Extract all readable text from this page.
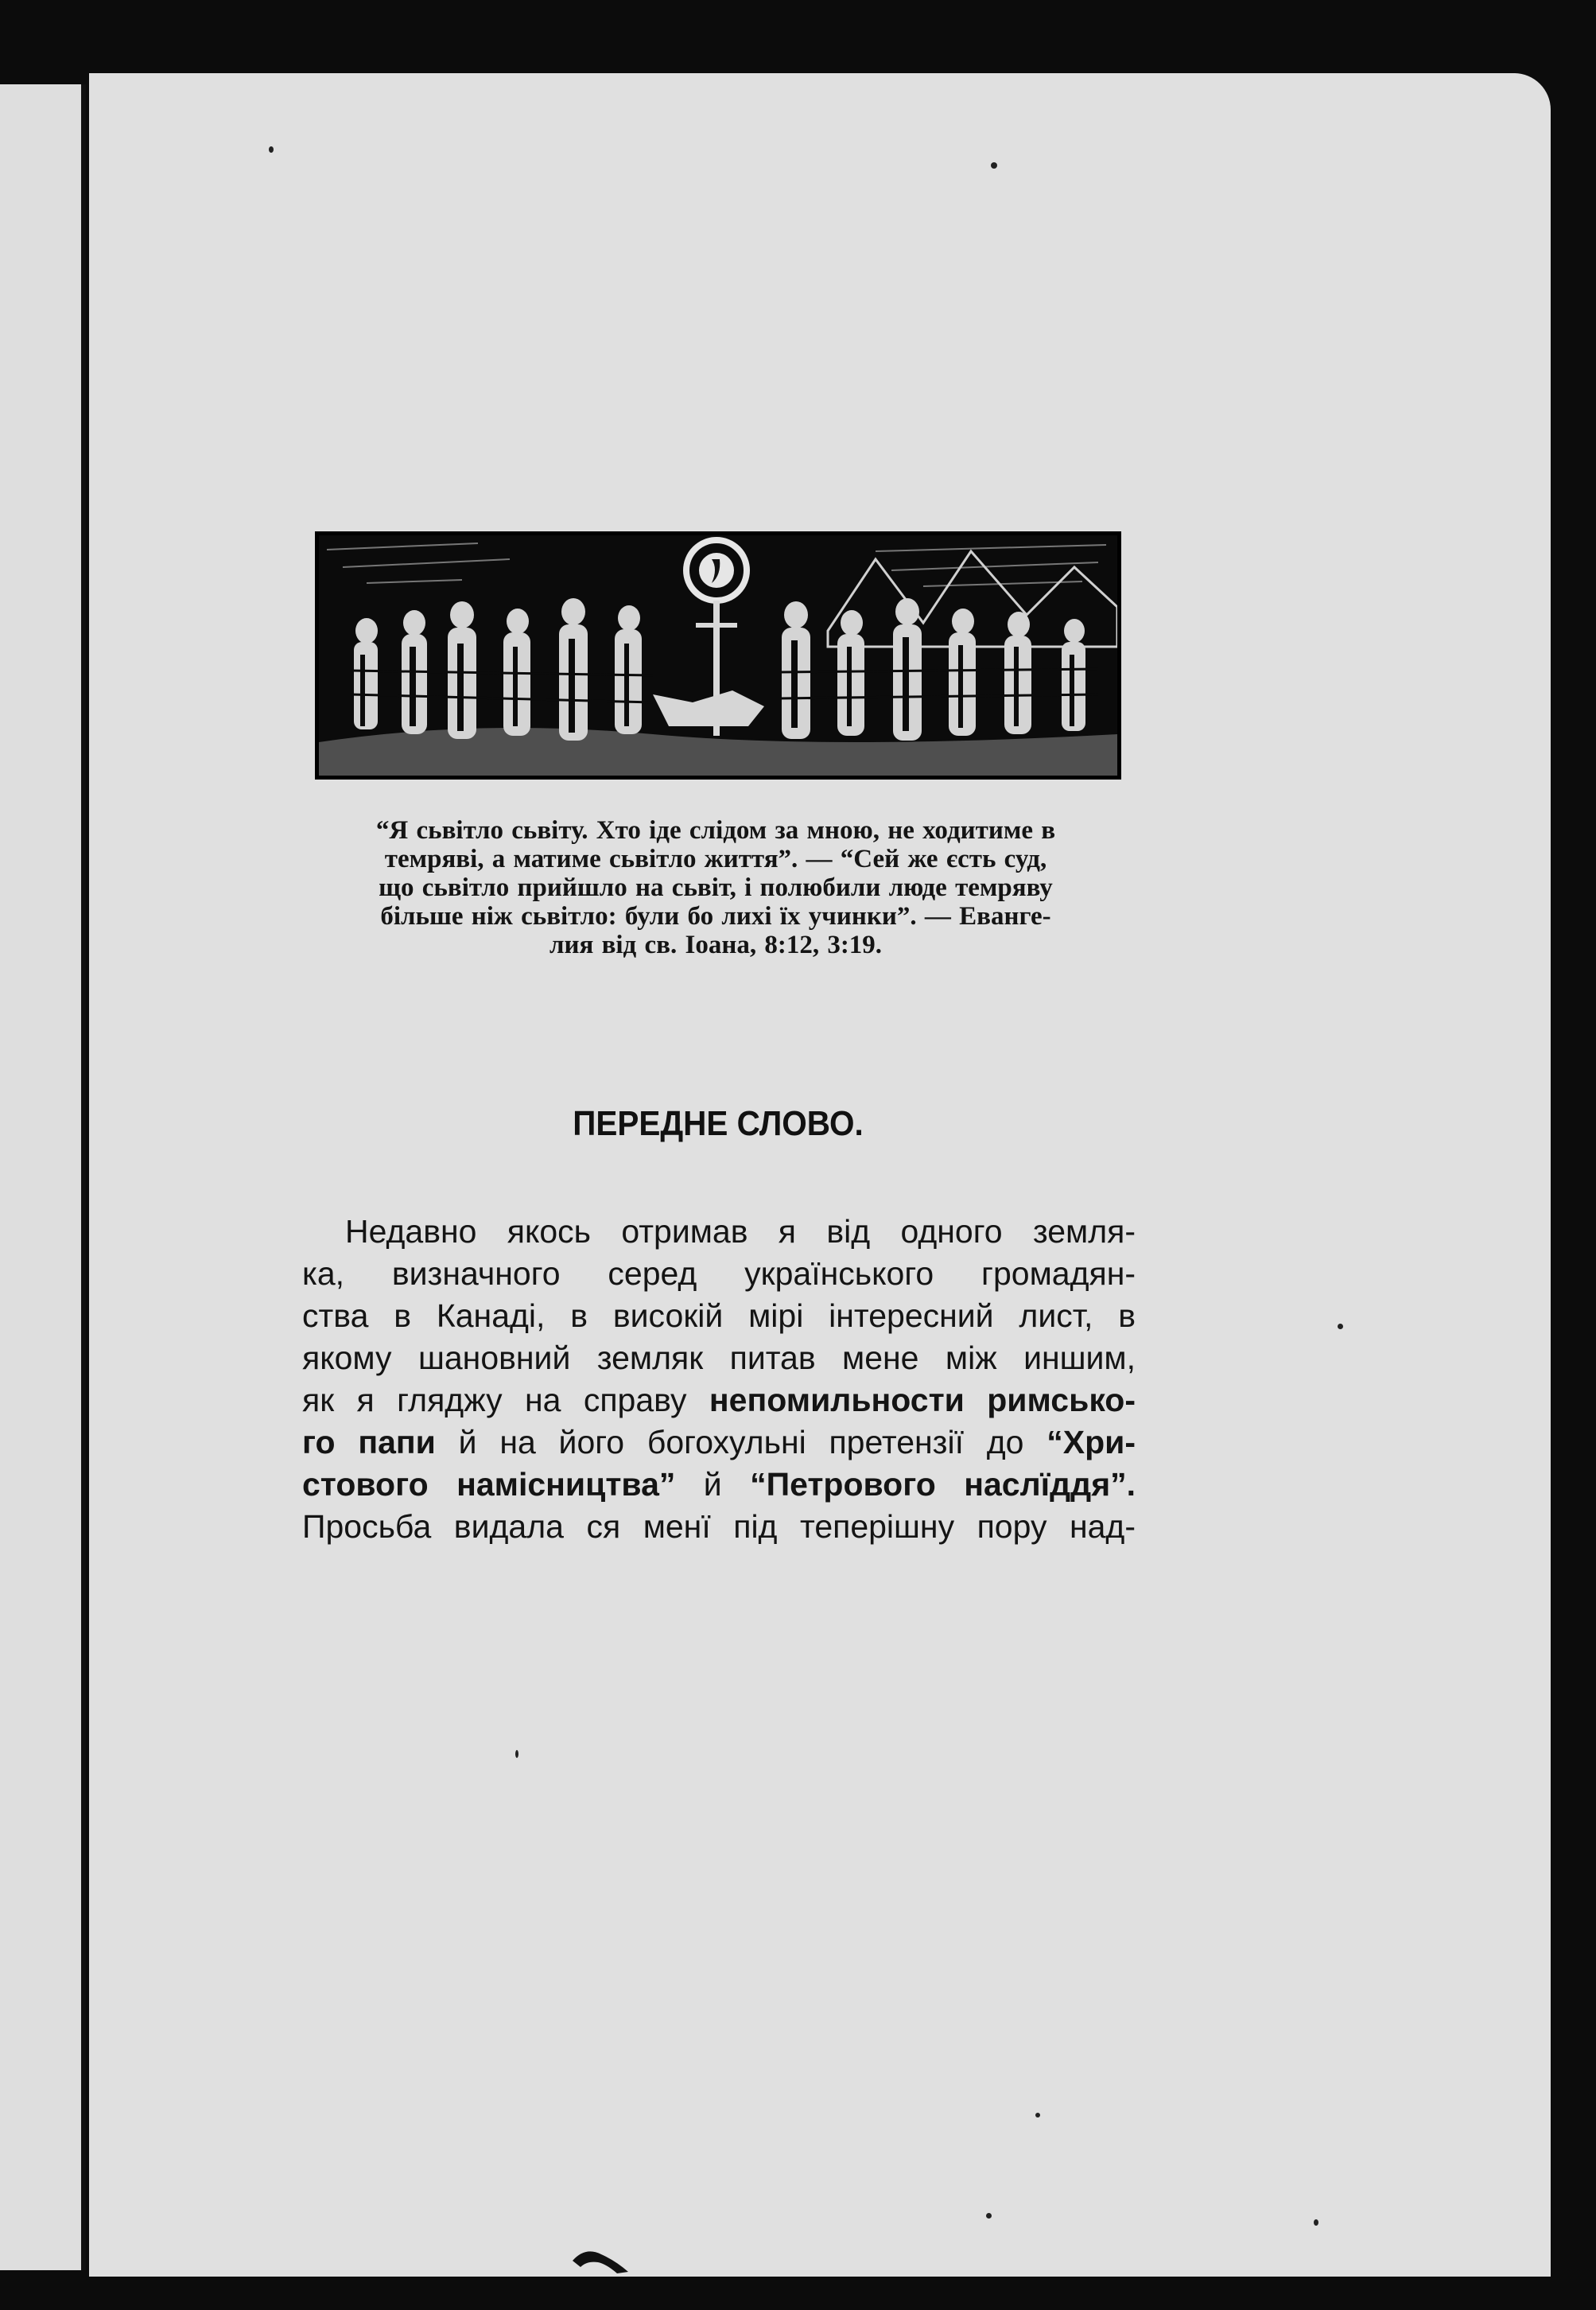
“Я сьвітло сьвіту. Хто іде слідом за мною, не ходитиме в
темряві, а матиме сьвітло життя”. — “Сей же єсть суд,
що сьвітло прийшло на сьвіт, і полюбили люде темряву
більше ніж сьвітло: були бо лихі їх учинки”. — Еванге-
лия від св. Іоана, 8:12, 3:19.
ПЕРЕДНЕ СЛОВО.
Недавно якось отримав я від одного земля-
ка, визначного серед українського громадян-
ства в Канаді, в високій мірі інтересний лист, в
якому шановний земляк питав мене між иншим,
як я гляджу на справу непомильности римсько-
го папи й на його богохульні претензії до “Хри-
стового намісництва” й “Петрового наслїддя”.
Просьба видала ся менї під теперішну пору над-
